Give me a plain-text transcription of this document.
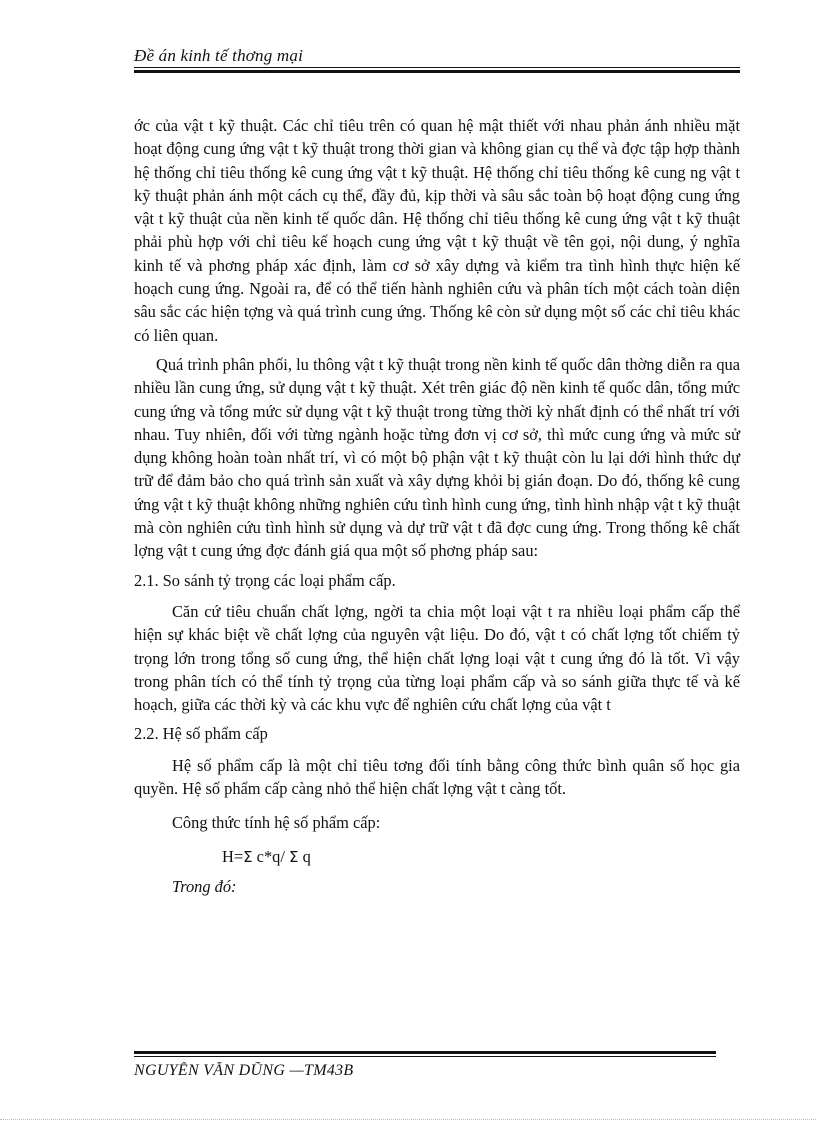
Đề án kinh tế thơng mại

ớc của vật t kỹ thuật. Các chỉ tiêu trên có quan hệ mật thiết với nhau phản ánh nhiều mặt hoạt động cung ứng vật t kỹ thuật trong thời gian và không gian cụ thể và đợc tập hợp thành hệ thống chỉ tiêu thống kê cung ứng vật t kỹ thuật. Hệ thống chỉ tiêu thống kê cung ng vật t kỹ thuật phản ánh một cách cụ thể, đầy đủ, kịp thời và sâu sắc toàn bộ hoạt động cung ứng vật t kỹ thuật của nền kinh tế quốc dân. Hệ thống chỉ tiêu thống kê cung ứng vật t kỹ thuật phải phù hợp với chỉ tiêu kế hoạch cung ứng vật t kỹ thuật về tên gọi, nội dung, ý nghĩa kinh tế và phơng pháp xác định, làm cơ sở xây dựng và kiểm tra tình hình thực hiện kế hoạch cung ứng. Ngoài ra, để có thể tiến hành nghiên cứu và phân tích một cách toàn diện sâu sắc các hiện tợng và quá trình cung ứng. Thống kê còn sử dụng một số các chỉ tiêu khác có liên quan.

Quá trình phân phối, lu thông vật t kỹ thuật trong nền kinh tế quốc dân thờng diễn ra qua nhiều lần cung ứng, sử dụng vật t kỹ thuật. Xét trên giác độ nền kinh tế quốc dân, tổng mức cung ứng và tổng mức sử dụng vật t kỹ thuật trong từng thời kỳ nhất định có thể nhất trí với nhau. Tuy nhiên, đối với từng ngành hoặc từng đơn vị cơ sở, thì mức cung ứng và mức sử dụng không hoàn toàn nhất trí, vì có một bộ phận vật t kỹ thuật còn lu lại dới hình thức dự trữ để đảm bảo cho quá trình sản xuất và xây dựng khỏi bị gián đoạn. Do đó, thống kê cung ứng vật t kỹ thuật không những nghiên cứu tình hình cung ứng, tình hình nhập vật t kỹ thuật mà còn nghiên cứu tình hình sử dụng và dự trữ vật t đã đợc cung ứng. Trong thống kê chất lợng vật t cung ứng đợc đánh giá qua một số phơng pháp sau:

2.1. So sánh tỷ trọng các loại phẩm cấp.

Căn cứ tiêu chuẩn chất lợng, ngời ta chia một loại vật t ra nhiều loại phẩm cấp thể hiện sự khác biệt về chất lợng của nguyên vật liệu. Do đó, vật t có chất lợng tốt chiếm tỷ trọng lớn trong tổng số cung ứng, thể hiện chất lợng loại vật t cung ứng đó là tốt. Vì vậy trong phân tích có thể tính tỷ trọng của từng loại phẩm cấp và so sánh giữa thực tế và kế hoạch, giữa các thời kỳ và các khu vực để nghiên cứu chất lợng của vật t

2.2. Hệ số phẩm cấp

Hệ số phẩm cấp là một chỉ tiêu tơng đối tính bằng công thức bình quân số học gia quyền. Hệ số phẩm cấp càng nhỏ thể hiện chất lợng vật t càng tốt.

Công thức tính hệ số phẩm cấp:

H=Σ c*q/ Σ q

Trong đó:

NGUYỄN VĂN DŨNG —TM43B
